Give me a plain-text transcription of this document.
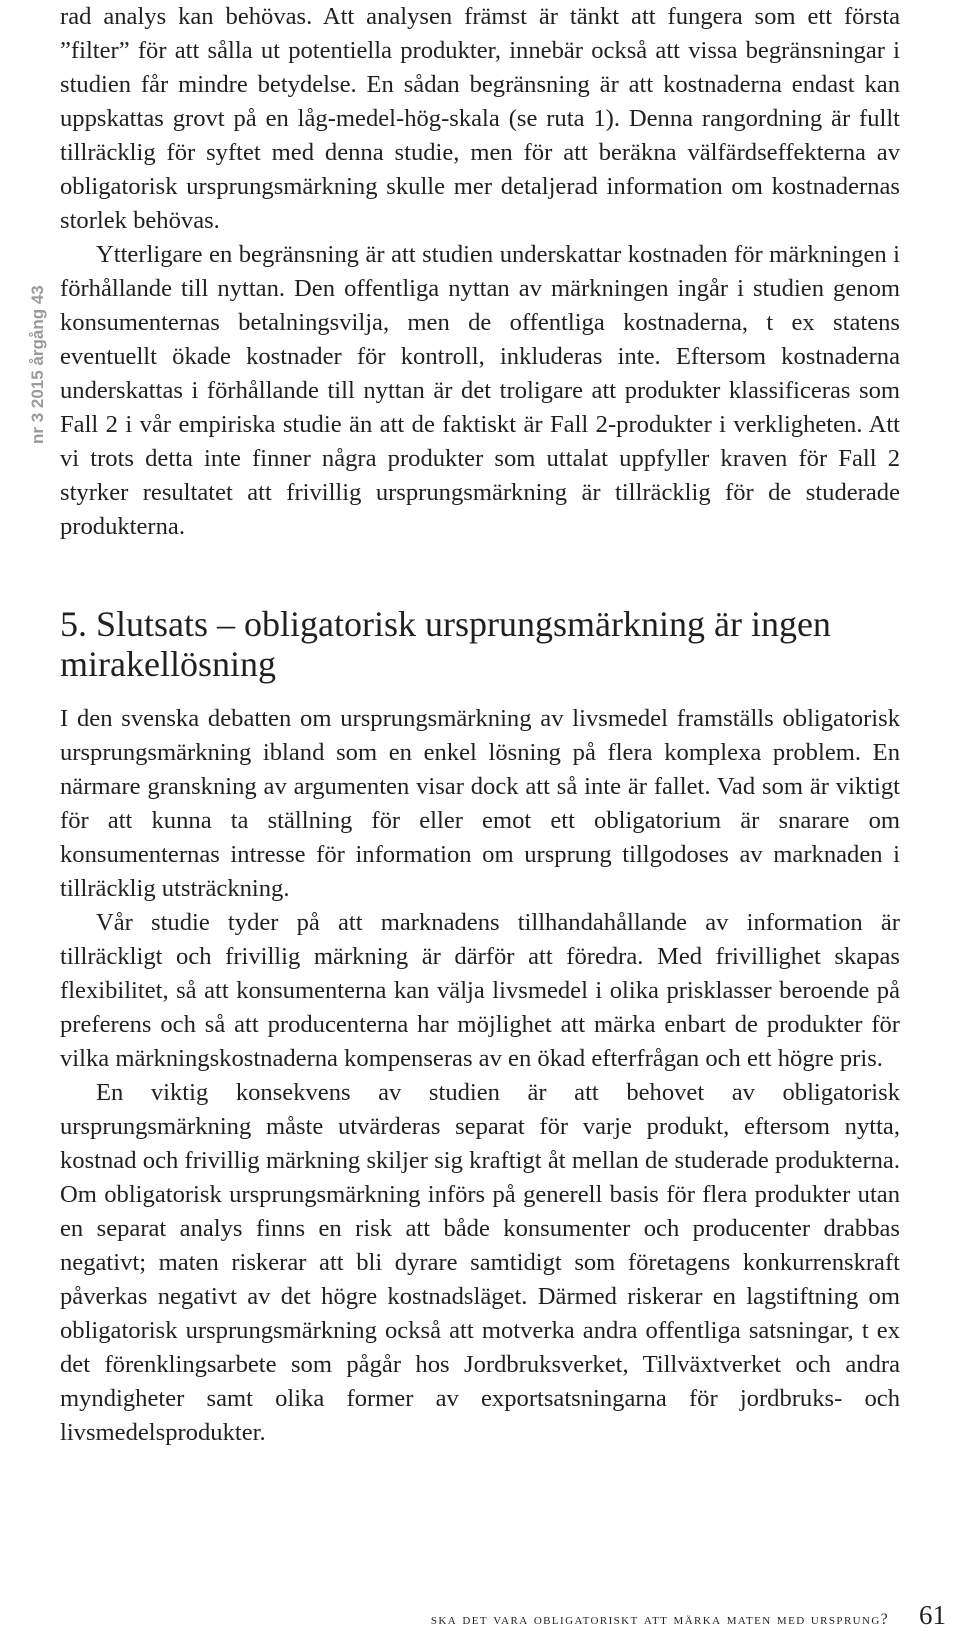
nr 3 2015 årgång 43

rad analys kan behövas. Att analysen främst är tänkt att fungera som ett första ”filter” för att sålla ut potentiella produkter, innebär också att vissa begränsningar i studien får mindre betydelse. En sådan begränsning är att kostnaderna endast kan uppskattas grovt på en låg-medel-hög-skala (se ruta 1). Denna rangordning är fullt tillräcklig för syftet med denna studie, men för att beräkna välfärdseffekterna av obligatorisk ursprungsmärkning skulle mer detaljerad information om kostnadernas storlek behövas.

Ytterligare en begränsning är att studien underskattar kostnaden för märkningen i förhållande till nyttan. Den offentliga nyttan av märkningen ingår i studien genom konsumenternas betalningsvilja, men de offentliga kostnaderna, t ex statens eventuellt ökade kostnader för kontroll, inkluderas inte. Eftersom kostnaderna underskattas i förhållande till nyttan är det troligare att produkter klassificeras som Fall 2 i vår empiriska studie än att de faktiskt är Fall 2-produkter i verkligheten. Att vi trots detta inte finner några produkter som uttalat uppfyller kraven för Fall 2 styrker resultatet att frivillig ursprungsmärkning är tillräcklig för de studerade produkterna.

5. Slutsats – obligatorisk ursprungsmärkning är ingen mirakellösning

I den svenska debatten om ursprungsmärkning av livsmedel framställs obligatorisk ursprungsmärkning ibland som en enkel lösning på flera komplexa problem. En närmare granskning av argumenten visar dock att så inte är fallet. Vad som är viktigt för att kunna ta ställning för eller emot ett obligatorium är snarare om konsumenternas intresse för information om ursprung tillgodoses av marknaden i tillräcklig utsträckning.

Vår studie tyder på att marknadens tillhandahållande av information är tillräckligt och frivillig märkning är därför att föredra. Med frivillighet skapas flexibilitet, så att konsumenterna kan välja livsmedel i olika prisklasser beroende på preferens och så att producenterna har möjlighet att märka enbart de produkter för vilka märkningskostnaderna kompenseras av en ökad efterfrågan och ett högre pris.

En viktig konsekvens av studien är att behovet av obligatorisk ursprungsmärkning måste utvärderas separat för varje produkt, eftersom nytta, kostnad och frivillig märkning skiljer sig kraftigt åt mellan de studerade produkterna. Om obligatorisk ursprungsmärkning införs på generell basis för flera produkter utan en separat analys finns en risk att både konsumenter och producenter drabbas negativt; maten riskerar att bli dyrare samtidigt som företagens konkurrenskraft påverkas negativt av det högre kostnadsläget. Därmed riskerar en lagstiftning om obligatorisk ursprungsmärkning också att motverka andra offentliga satsningar, t ex det förenklingsarbete som pågår hos Jordbruksverket, Tillväxtverket och andra myndigheter samt olika former av exportsatsningarna för jordbruks- och livsmedelsprodukter.

ska det vara obligatoriskt att märka maten med ursprung? 61
